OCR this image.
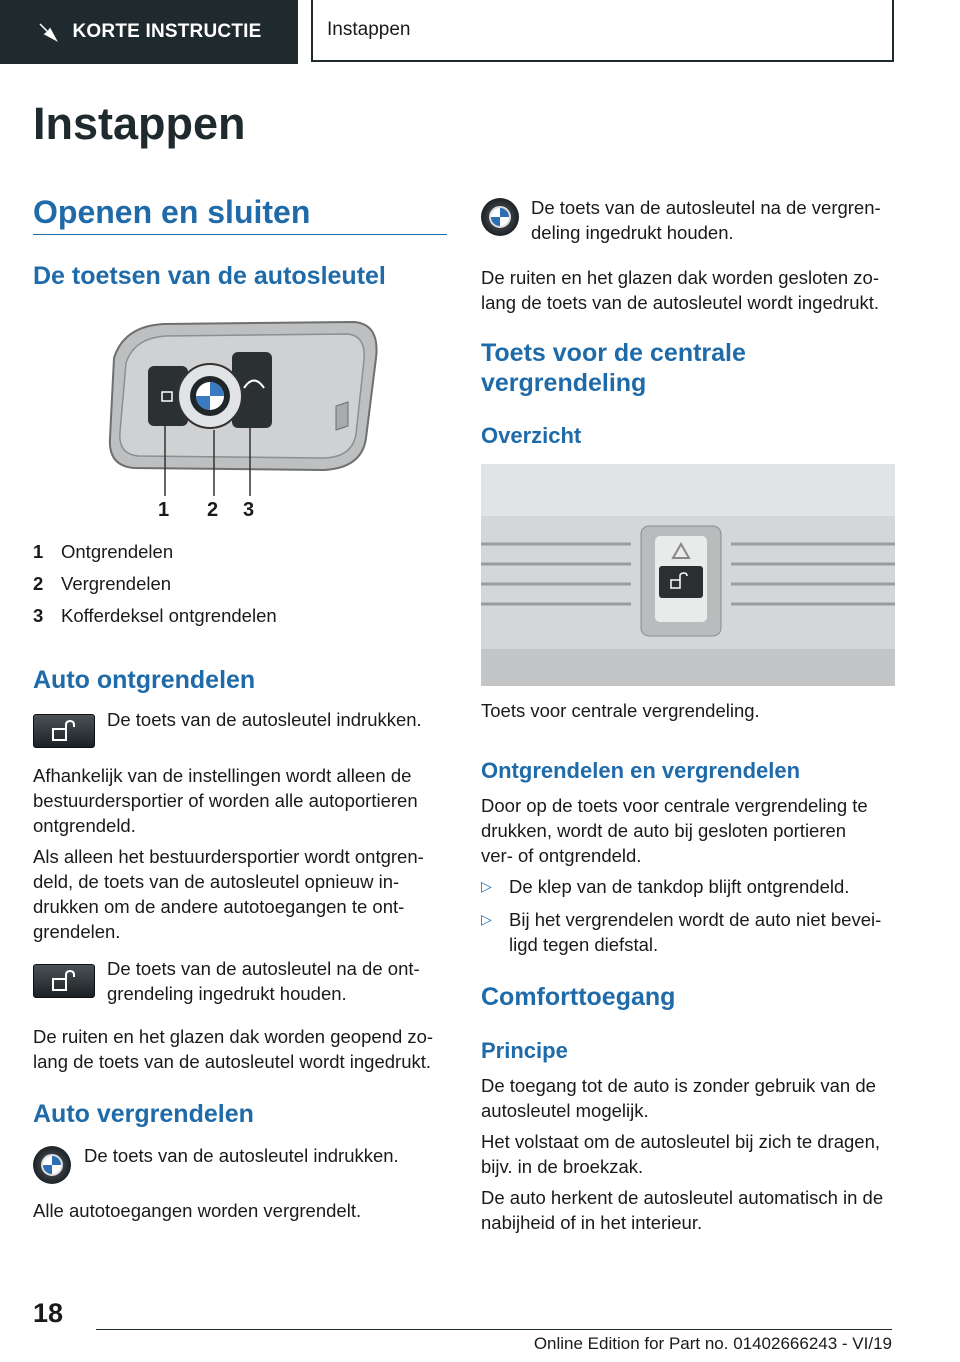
KORTE INSTRUCTIE	Instappen
Instappen
Openen en sluiten
De toetsen van de autosleutel
1 2 3
1 Ontgrendelen
2 Vergrendelen
3 Kofferdeksel ontgrendelen
Auto ontgrendelen

De toets van de autosleutel indrukken.

Afhankelijk van de instellingen wordt alleen de bestuurdersportier of worden alle autoportieren ontgrendeld.

Als alleen het bestuurdersportier wordt ontgrendeld, de toets van de autosleutel opnieuw indrukken om de andere autotoegangen te ontgrendelen.

De toets van de autosleutel na de ontgrendeling ingedrukt houden.

De ruiten en het glazen dak worden geopend zolang de toets van de autosleutel wordt ingedrukt.

Auto vergrendelen

De toets van de autosleutel indrukken.

Alle autotoegangen worden vergrendelt.

De toets van de autosleutel na de vergrendeling ingedrukt houden.

De ruiten en het glazen dak worden gesloten zolang de toets van de autosleutel wordt ingedrukt.

Toets voor de centrale vergrendeling
Overzicht

Toets voor centrale vergrendeling.

Ontgrendelen en vergrendelen

Door op de toets voor centrale vergrendeling te drukken, wordt de auto bij gesloten portieren ver- of ontgrendeld.

▷ De klep van de tankdop blijft ontgrendeld.
▷ Bij het vergrendelen wordt de auto niet beveiligd tegen diefstal.
Comforttoegang
Principe

De toegang tot de auto is zonder gebruik van de autosleutel mogelijk.

Het volstaat om de autosleutel bij zich te dragen, bijv. in de broekzak.

De auto herkent de autosleutel automatisch in de nabijheid of in het interieur.

18
Online Edition for Part no. 01402666243 - VI/19
